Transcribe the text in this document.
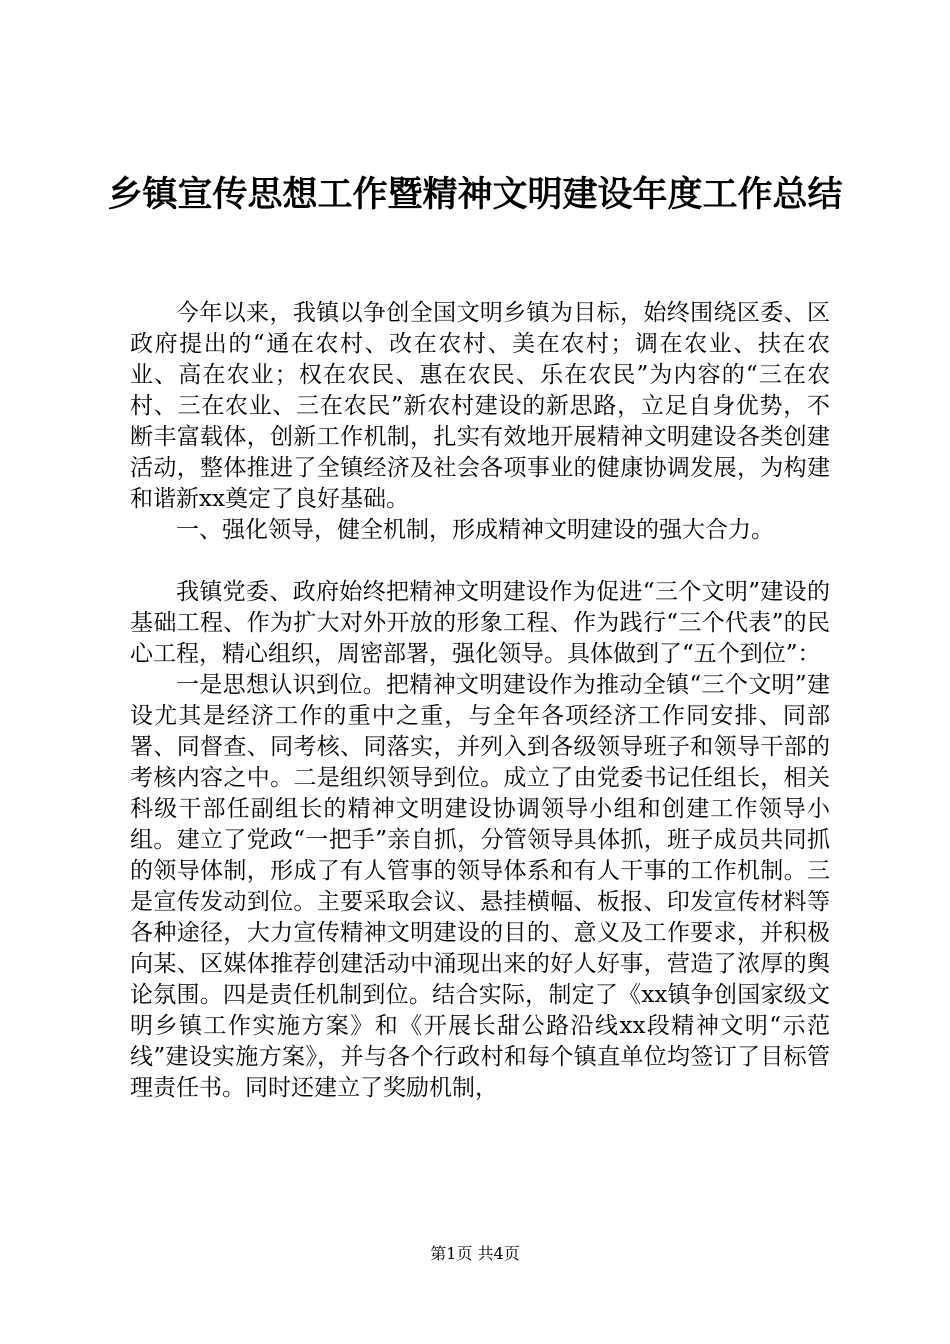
乡镇宣传思想工作暨精神文明建设年度工作总结

今年以来，我镇以争创全国文明乡镇为目标，始终围绕区委、区政府提出的“通在农村、改在农村、美在农村；调在农业、扶在农业、高在农业；权在农民、惠在农民、乐在农民”为内容的“三在农村、三在农业、三在农民”新农村建设的新思路，立足自身优势，不断丰富载体，创新工作机制，扎实有效地开展精神文明建设各类创建活动，整体推进了全镇经济及社会各项事业的健康协调发展，为构建和谐新xx奠定了良好基础。

一、强化领导，健全机制，形成精神文明建设的强大合力。

我镇党委、政府始终把精神文明建设作为促进“三个文明”建设的基础工程、作为扩大对外开放的形象工程、作为践行“三个代表”的民心工程，精心组织，周密部署，强化领导。具体做到了“五个到位”：

一是思想认识到位。把精神文明建设作为推动全镇“三个文明”建设尤其是经济工作的重中之重，与全年各项经济工作同安排、同部署、同督查、同考核、同落实，并列入到各级领导班子和领导干部的考核内容之中。二是组织领导到位。成立了由党委书记任组长，相关科级干部任副组长的精神文明建设协调领导小组和创建工作领导小组。建立了党政“一把手”亲自抓，分管领导具体抓，班子成员共同抓的领导体制，形成了有人管事的领导体系和有人干事的工作机制。三是宣传发动到位。主要采取会议、悬挂横幅、板报、印发宣传材料等各种途径，大力宣传精神文明建设的目的、意义及工作要求，并积极向某、区媒体推荐创建活动中涌现出来的好人好事，营造了浓厚的舆论氛围。四是责任机制到位。结合实际，制定了《xx镇争创国家级文明乡镇工作实施方案》和《开展长甜公路沿线xx段精神文明“示范线”建设实施方案》，并与各个行政村和每个镇直单位均签订了目标管理责任书。同时还建立了奖励机制，

第1页 共4页
